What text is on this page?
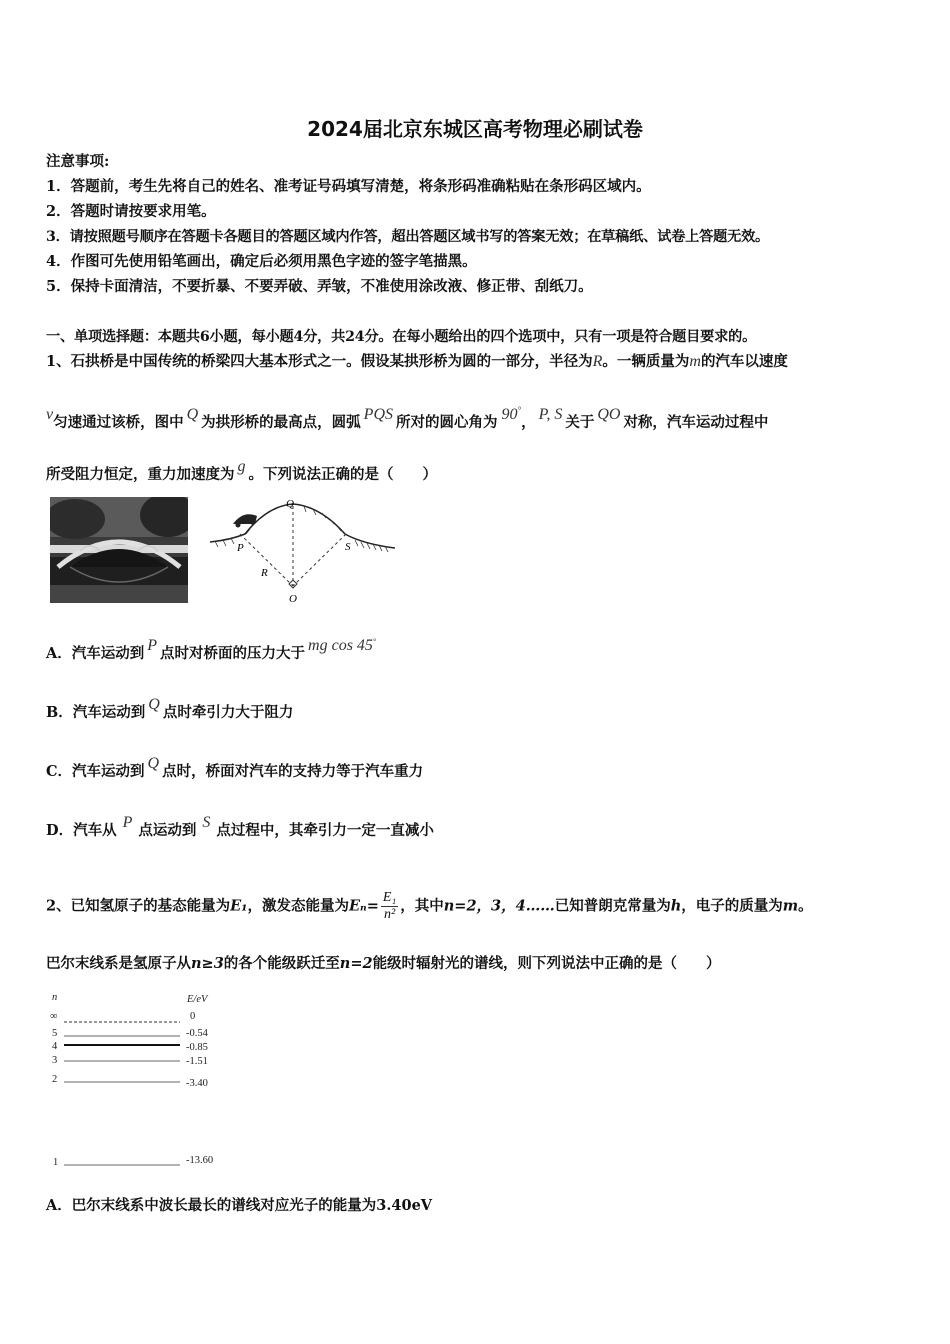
2024届北京东城区高考物理必刷试卷
注意事项:
1．答题前，考生先将自己的姓名、准考证号码填写清楚，将条形码准确粘贴在条形码区域内。
2．答题时请按要求用笔。
3．请按照题号顺序在答题卡各题目的答题区域内作答，超出答题区域书写的答案无效；在草稿纸、试卷上答题无效。
4．作图可先使用铅笔画出，确定后必须用黑色字迹的签字笔描黑。
5．保持卡面清洁，不要折暴、不要弄破、弄皱，不准使用涂改液、修正带、刮纸刀。
一、单项选择题：本题共6小题，每小题4分，共24分。在每小题给出的四个选项中，只有一项是符合题目要求的。
1、石拱桥是中国传统的桥梁四大基本形式之一。假设某拱形桥为圆的一部分，半径为R。一辆质量为m的汽车以速度
v匀速通过该桥，图中 Q 为拱形桥的最高点，圆弧 PQS 所对的圆心角为 90°， P, S 关于 QO 对称，汽车运动过程中
所受阻力恒定，重力加速度为 g 。下列说法正确的是（　　）
Q
P	S
R
O
A．汽车运动到 P 点时对桥面的压力大于 mg cos 45°
B．汽车运动到 Q 点时牵引力大于阻力
C．汽车运动到 Q 点时，桥面对汽车的支持力等于汽车重力
D．汽车从 P 点运动到 S 点过程中，其牵引力一定一直减小
2、已知氢原子的基态能量为E₁，激发态能量为$E_n= \frac{\text{E₁}}{\text{n²}}$ ，其中n=2，3，4……已知普朗克常量为h，电子的质量为m。
巴尔末线系是氢原子从n≥3的各个能级跃迁至n=2能级时辐射光的谱线，则下列说法中正确的是（　　）
n	E/eV
∞	0
5	-0.54
4	-0.85
3	-1.51
2	-3.40
1	-13.60
A．巴尔末线系中波长最长的谱线对应光子的能量为3.40eV
